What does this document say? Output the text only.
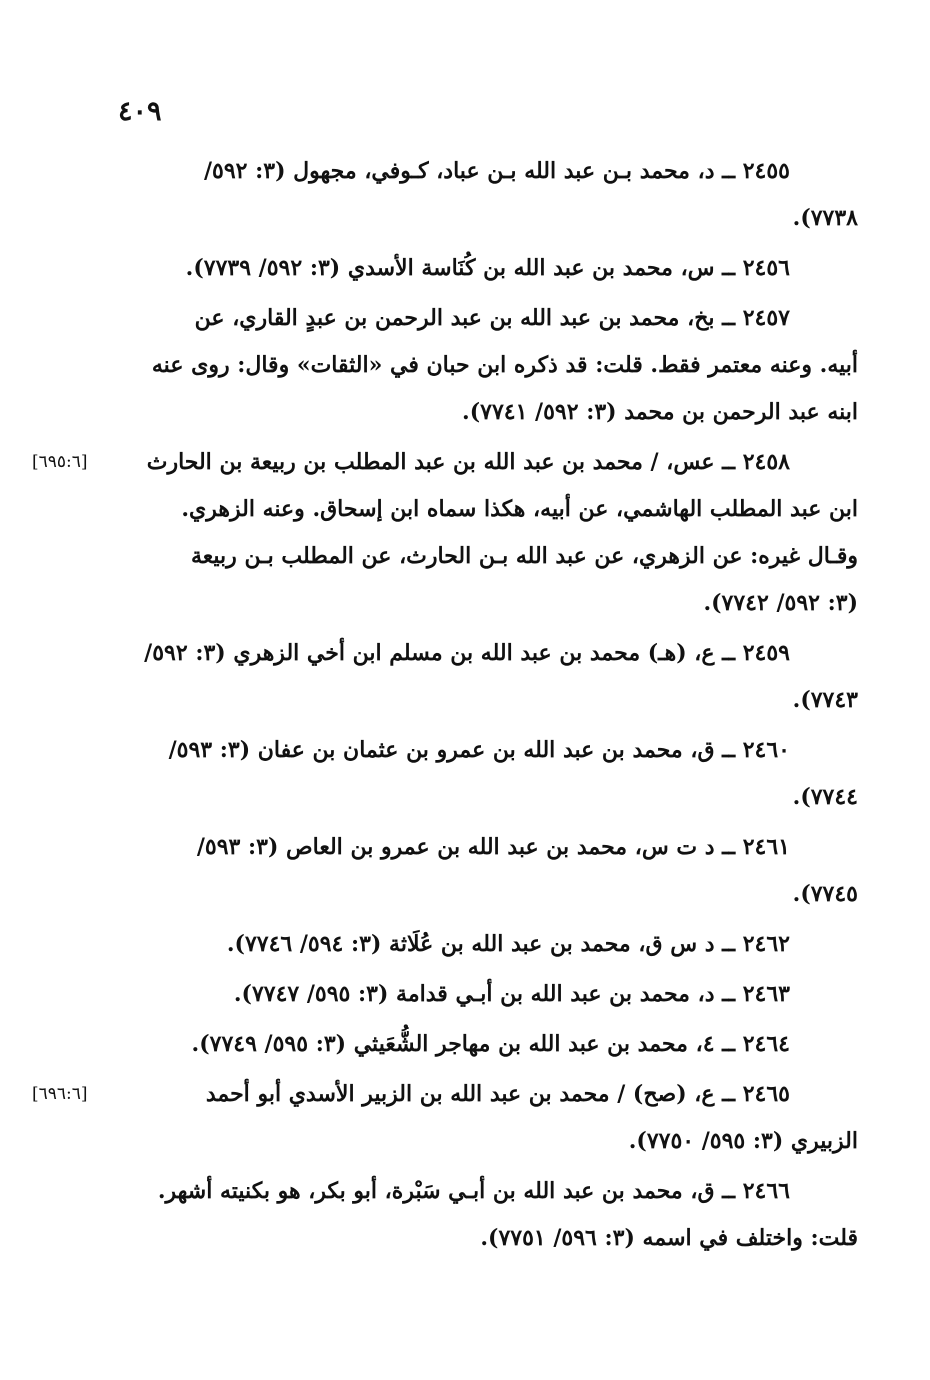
٤٠٩

٢٤٥٥ ــ د، محمد بـن عبد الله بـن عباد، كـوفي، مجهول (٣: ٥٩٢/

٧٧٣٨).

٢٤٥٦ ــ س، محمد بن عبد الله بن كُنَاسة الأسدي (٣: ٥٩٢/ ٧٧٣٩).

٢٤٥٧ ــ بخ، محمد بن عبد الله بن عبد الرحمن بن عبدٍ القاري، عن

أبيه. وعنه معتمر فقط. قلت: قد ذكره ابن حبان في «الثقات» وقال: روى عنه

ابنه عبد الرحمن بن محمد (٣: ٥٩٢/ ٧٧٤١).

[٦٩٥:٦]	٢٤٥٨ ــ عس، / محمد بن عبد الله بن عبد المطلب بن ربيعة بن الحارث

ابن عبد المطلب الهاشمي، عن أبيه، هكذا سماه ابن إسحاق. وعنه الزهري.

وقـال غيره: عن الزهري، عن عبد الله بـن الحارث، عن المطلب بـن ربيعة

(٣: ٥٩٢/ ٧٧٤٢).

٢٤٥٩ ــ ع، (هـ) محمد بن عبد الله بن مسلم ابن أخي الزهري (٣: ٥٩٢/

٧٧٤٣).

٢٤٦٠ ــ ق، محمد بن عبد الله بن عمرو بن عثمان بن عفان (٣: ٥٩٣/

٧٧٤٤).

٢٤٦١ ــ د ت س، محمد بن عبد الله بن عمرو بن العاص (٣: ٥٩٣/

٧٧٤٥).

٢٤٦٢ ــ د س ق، محمد بن عبد الله بن عُلَاثة (٣: ٥٩٤/ ٧٧٤٦).

٢٤٦٣ ــ د، محمد بن عبد الله بن أبـي قدامة (٣: ٥٩٥/ ٧٧٤٧).

٢٤٦٤ ــ ٤، محمد بن عبد الله بن مهاجر الشُّعَيثي (٣: ٥٩٥/ ٧٧٤٩).

[٦٩٦:٦]	٢٤٦٥ ــ ع، (صح) / محمد بن عبد الله بن الزبير الأسدي أبو أحمد

الزبيري (٣: ٥٩٥/ ٧٧٥٠).

٢٤٦٦ ــ ق، محمد بن عبد الله بن أبـي سَبْرة، أبو بكر، هو بكنيته أشهر.

قلت: واختلف في اسمه (٣: ٥٩٦/ ٧٧٥١).
